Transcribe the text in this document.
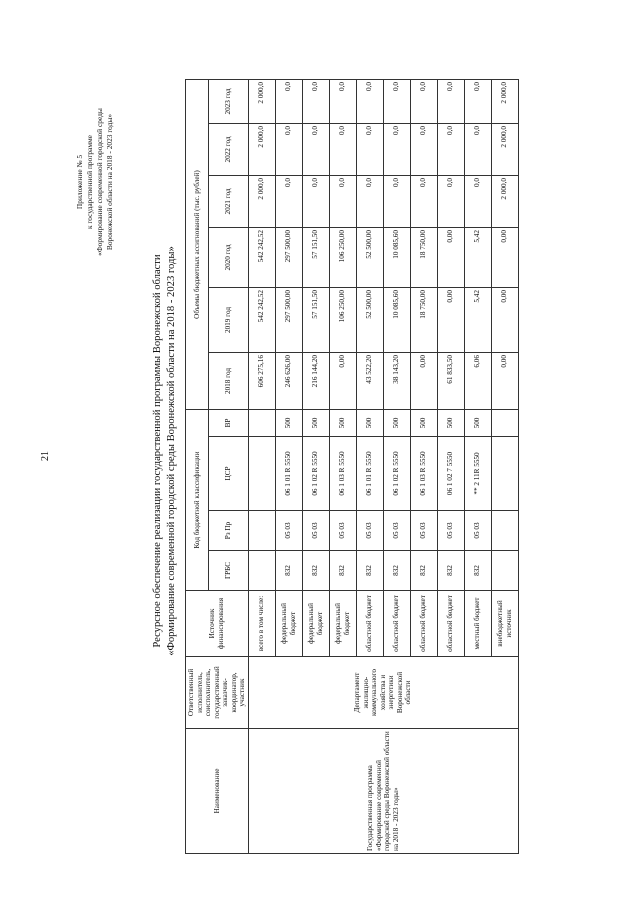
21
Приложение № 5 к государственной программе «Формирование современной городской среды Воронежской области на 2018 - 2023 годы»
Ресурсное обеспечение реализации государственной программы Воронежской области «Формирование современной городской среды Воронежской области на 2018 - 2023 годы»
Наименование	Ответственный исполнитель, соисполнитель, государственный заказчик-координатор, участник	Источник финансирования	Код бюджетной классификации				Объемы бюджетных ассигнований (тыс. рублей)					
			ГРБС	Рз Пр	ЦСР	ВР	2018 год	2019 год	2020 год	2021 год	2022 год	2023 год
Государственная программа «Формирование современной городской среды Воронежской области на 2018 - 2023 годы»	Департамент жилищно-коммунального хозяйства и энергетики Воронежской области	всего в том числе:					606 275,16	542 242,52	542 242,52	2 000,0	2 000,0	2 000,0
		федеральный бюджет	832	05 03	06 1 01 R 5550	500	246 626,00	297 500,00	297 500,00	0,0	0,0	0,0
		федеральный бюджет	832	05 03	06 1 02 R 5550	500	216 144,20	57 151,50	57 151,50	0,0	0,0	0,0
		федеральный бюджет	832	05 03	06 1 03 R 5550	500	0,00	106 250,00	106 250,00	0,0	0,0	0,0
		областной бюджет	832	05 03	06 1 01 R 5550	500	43 522,20	52 500,00	52 500,00	0,0	0,0	0,0
		областной бюджет	832	05 03	06 1 02 R 5550	500	38 143,20	10 085,60	10 085,60	0,0	0,0	0,0
		областной бюджет	832	05 03	06 1 03 R 5550	500	0,00	18 750,00	18 750,00	0,0	0,0	0,0
		областной бюджет	832	05 03	06 1 02 7 5550	500	61 833,50	0,00	0,00	0,0	0,0	0,0
		местный бюджет	832	05 03	** 2 11R 5550	500	6,06	5,42	5,42	0,0	0,0	0,0
		внебюджетный источник					0,00	0,00	0,00	2 000,0	2 000,0	2 000,0
